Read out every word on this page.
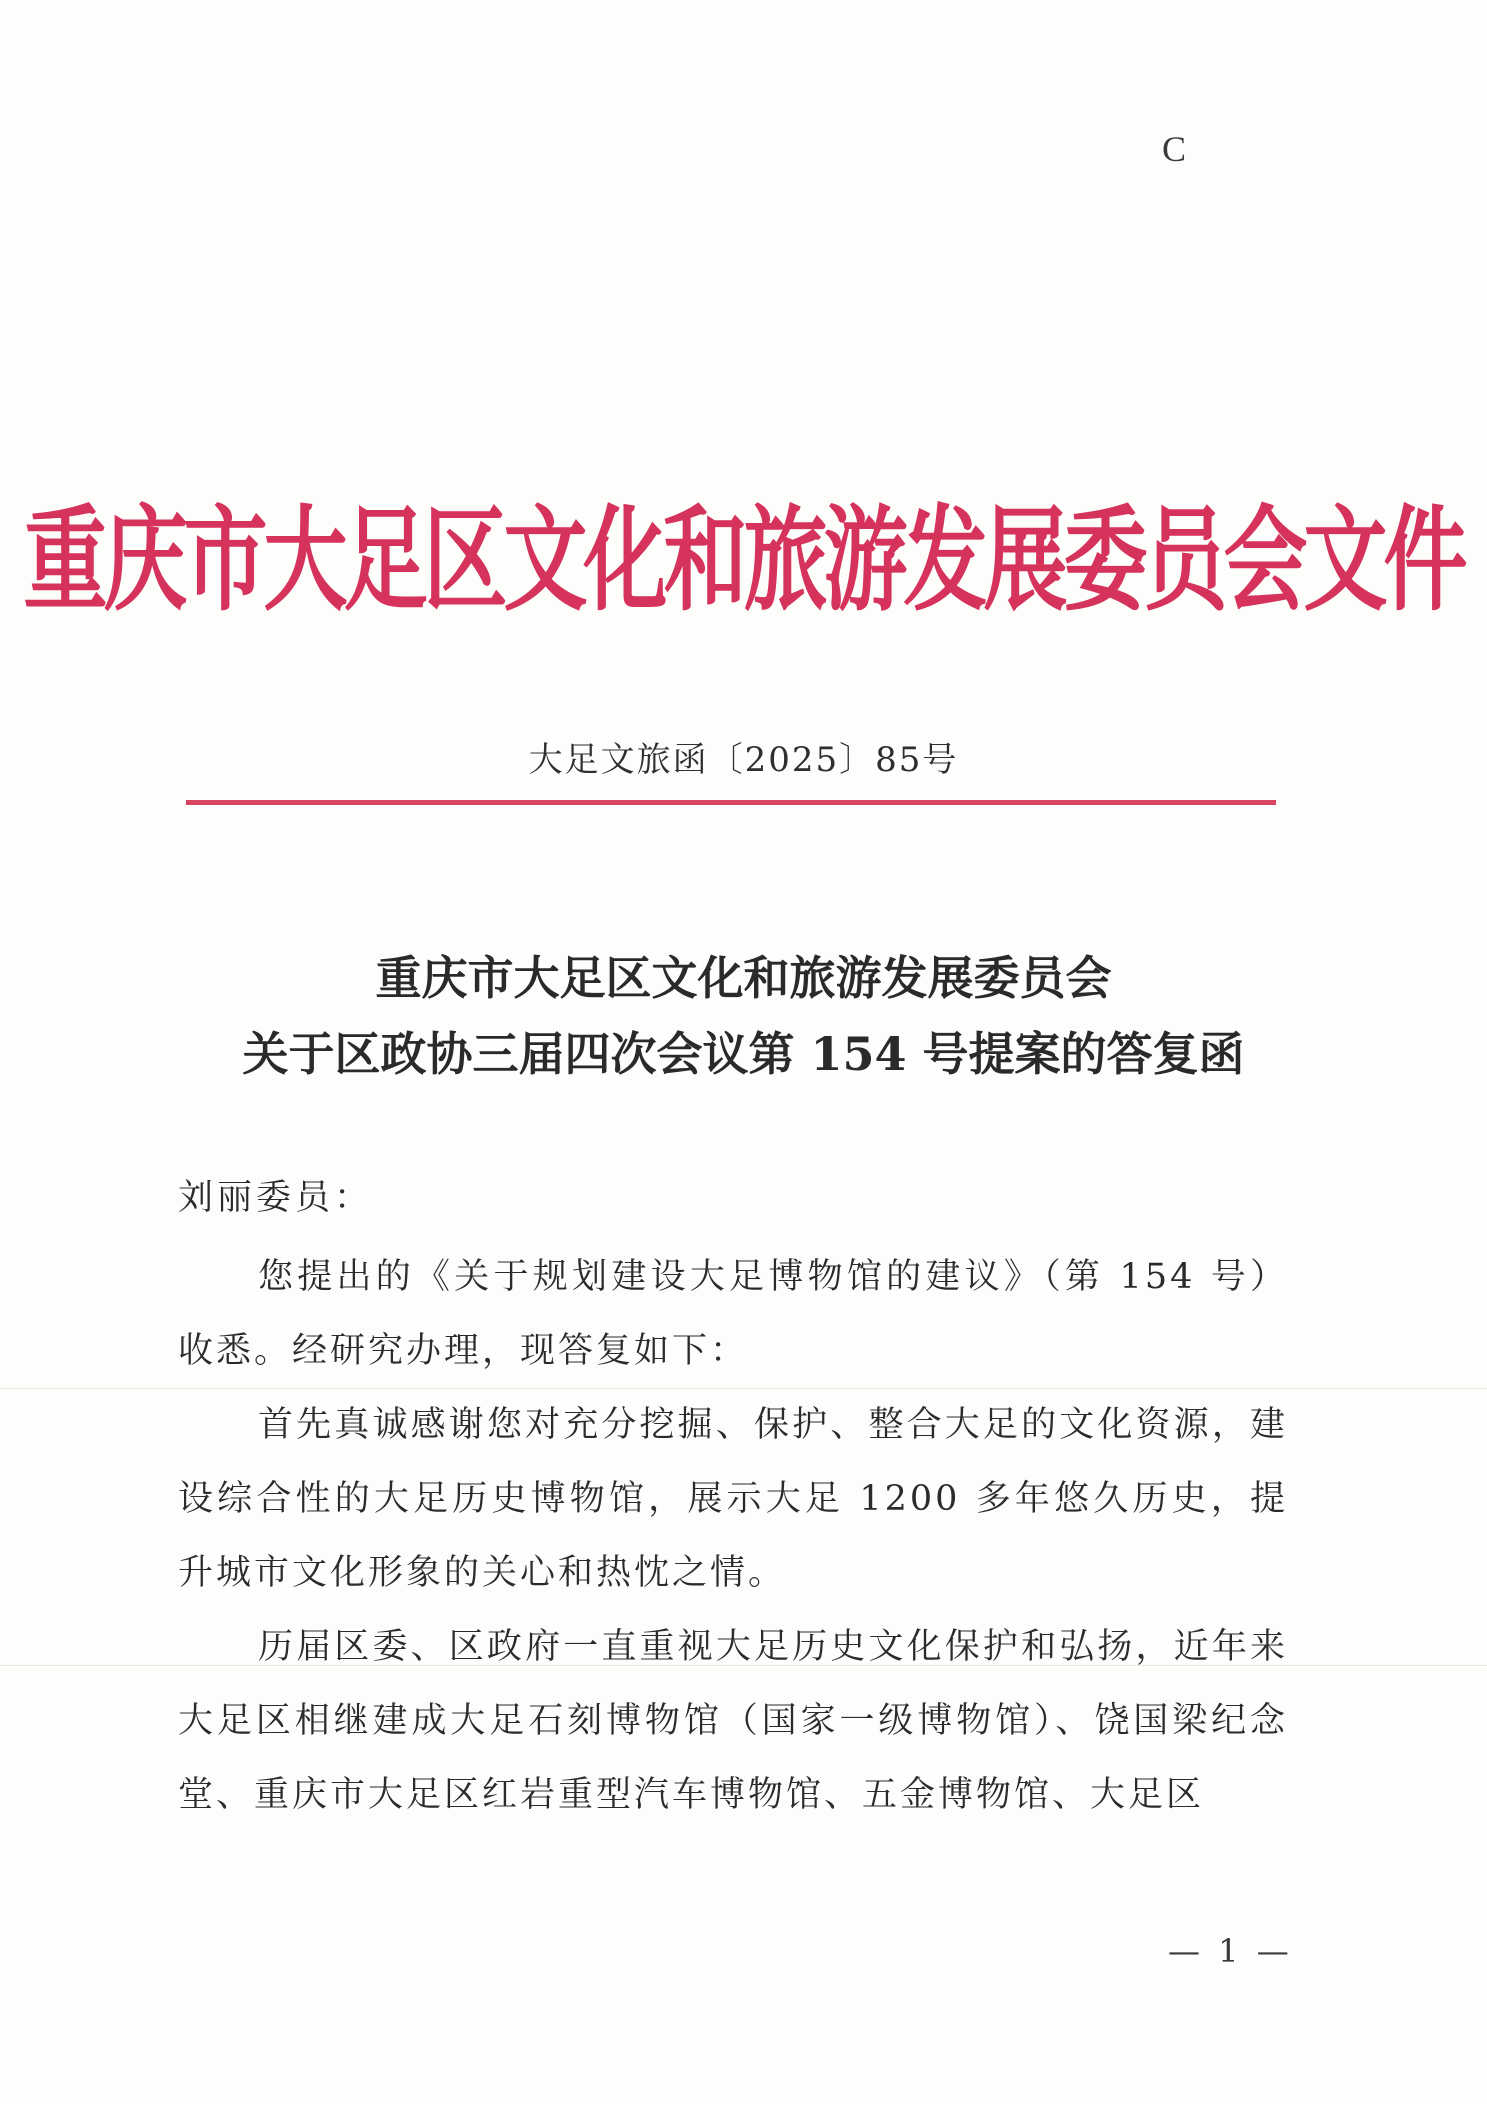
C
重庆市大足区文化和旅游发展委员会文件
大足文旅函〔2025〕85号
重庆市大足区文化和旅游发展委员会
关于区政协三届四次会议第 154 号提案的答复函
刘丽委员：

您提出的《关于规划建设大足博物馆的建议》（第 154 号）收悉。经研究办理，现答复如下：

首先真诚感谢您对充分挖掘、保护、整合大足的文化资源，建设综合性的大足历史博物馆，展示大足 1200 多年悠久历史，提升城市文化形象的关心和热忱之情。

历届区委、区政府一直重视大足历史文化保护和弘扬，近年来大足区相继建成大足石刻博物馆（国家一级博物馆）、饶国梁纪念堂、重庆市大足区红岩重型汽车博物馆、五金博物馆、大足区

— 1 —
